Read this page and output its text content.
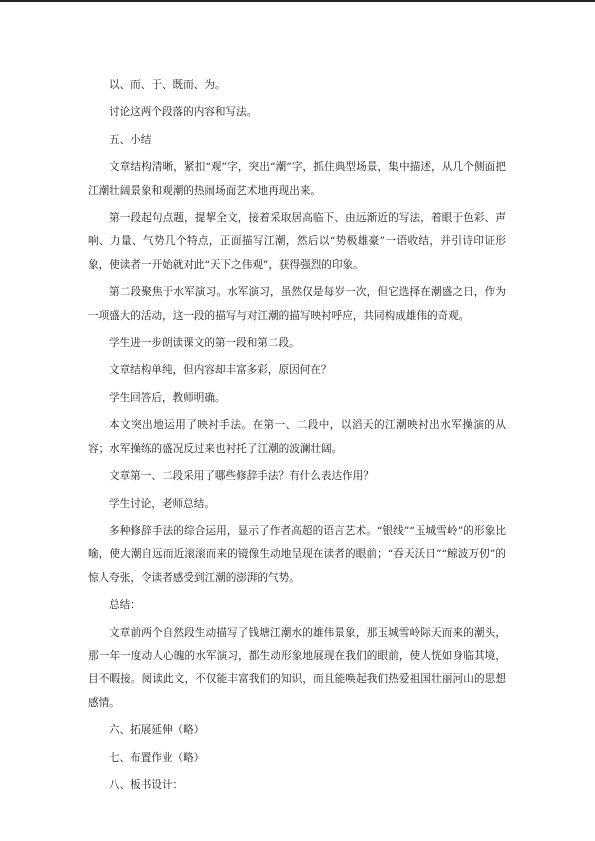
以、而、于、既而、为。

讨论这两个段落的内容和写法。

五、小结

文章结构清晰，紧扣“观”字，突出“潮”字，抓住典型场景，集中描述，从几个侧面把江潮壮阔景象和观潮的热闹场面艺术地再现出来。

第一段起句点题，提挈全文，接着采取居高临下、由远渐近的写法，着眼于色彩、声响、力量、气势几个特点，正面描写江潮，然后以“势极雄豪”一语收结，并引诗印证形象，使读者一开始就对此“天下之伟观”，获得强烈的印象。

第二段聚焦于水军演习。水军演习，虽然仅是每岁一次，但它选择在潮盛之日，作为一项盛大的活动，这一段的描写与对江潮的描写映衬呼应，共同构成雄伟的奇观。

学生进一步朗读课文的第一段和第二段。

文章结构单纯，但内容却丰富多彩，原因何在？

学生回答后，教师明确。

本文突出地运用了映衬手法。在第一、二段中，以滔天的江潮映衬出水军操演的从容；水军操练的盛况反过来也衬托了江潮的波澜壮阔。

文章第一、二段采用了哪些修辞手法？有什么表达作用？

学生讨论，老师总结。

多种修辞手法的综合运用，显示了作者高超的语言艺术。“银线”“玉城雪岭”的形象比喻，使大潮自远而近滚滚而来的镜像生动地呈现在读者的眼前；“吞天沃日”“鲸波万仞”的惊人夸张，令读者感受到江潮的澎湃的气势。

总结：

文章前两个自然段生动描写了钱塘江潮水的雄伟景象，那玉城雪岭际天而来的潮头，那一年一度动人心魄的水军演习，都生动形象地展现在我们的眼前，使人恍如身临其境，目不暇接。阅读此文，不仅能丰富我们的知识，而且能唤起我们热爱祖国壮丽河山的思想感情。

六、拓展延伸（略）

七、布置作业（略）

八、板书设计：
